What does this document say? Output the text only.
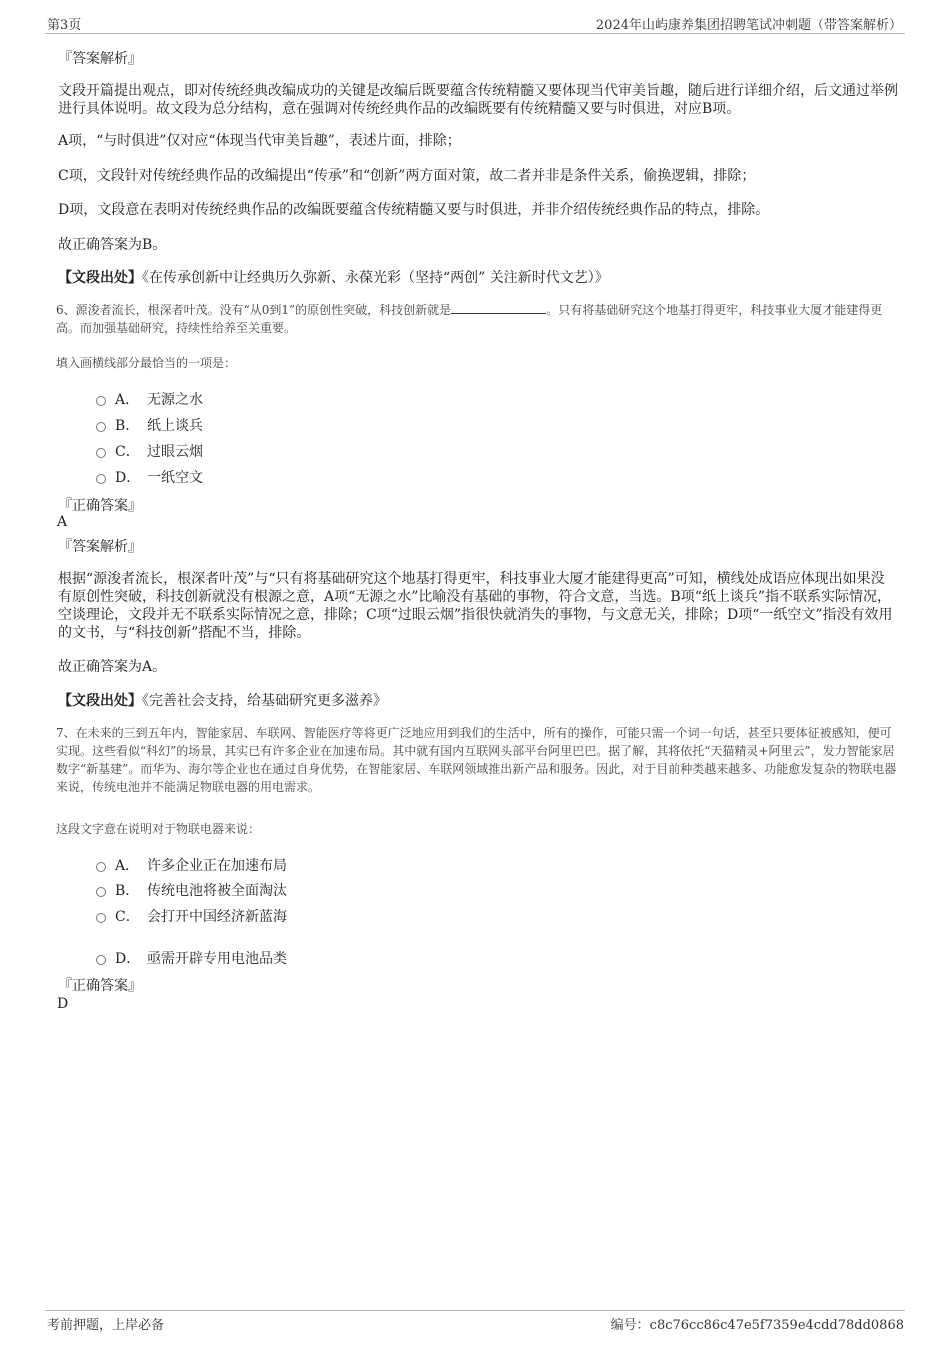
第3页	2024年山屿康养集团招聘笔试冲刺题（带答案解析）
『答案解析』
文段开篇提出观点，即对传统经典改编成功的关键是改编后既要蕴含传统精髓又要体现当代审美旨趣，随后进行详细介绍，后文通过举例进行具体说明。故文段为总分结构，意在强调对传统经典作品的改编既要有传统精髓又要与时俱进，对应B项。
A项，“与时俱进”仅对应“体现当代审美旨趣”，表述片面，排除；
C项，文段针对传统经典作品的改编提出“传承”和“创新”两方面对策，故二者并非是条件关系，偷换逻辑，排除；
D项，文段意在表明对传统经典作品的改编既要蕴含传统精髓又要与时俱进，并非介绍传统经典作品的特点，排除。
故正确答案为B。
【文段出处】《在传承创新中让经典历久弥新、永葆光彩（坚持“两创” 关注新时代文艺）》
6、源浚者流长，根深者叶茂。没有“从0到1”的原创性突破，科技创新就是	。只有将基础研究这个地基打得更牢，科技事业大厦才能建得更高。而加强基础研究，持续性给养至关重要。
填入画横线部分最恰当的一项是：
A． 无源之水
B． 纸上谈兵
C． 过眼云烟
D． 一纸空文
『正确答案』
A
『答案解析』
根据“源浚者流长，根深者叶茂”与“只有将基础研究这个地基打得更牢，科技事业大厦才能建得更高”可知，横线处成语应体现出如果没有原创性突破，科技创新就没有根源之意，A项“无源之水”比喻没有基础的事物，符合文意，当选。B项“纸上谈兵”指不联系实际情况，空谈理论，文段并无不联系实际情况之意，排除；C项“过眼云烟”指很快就消失的事物，与文意无关，排除；D项“一纸空文”指没有效用的文书，与“科技创新”搭配不当，排除。
故正确答案为A。
【文段出处】《完善社会支持，给基础研究更多滋养》
7、在未来的三到五年内，智能家居、车联网、智能医疗等将更广泛地应用到我们的生活中，所有的操作，可能只需一个词一句话，甚至只要体征被感知，便可实现。这些看似“科幻”的场景，其实已有许多企业在加速布局。其中就有国内互联网头部平台阿里巴巴。据了解，其将依托“天猫精灵+阿里云”，发力智能家居数字“新基建”。而华为、海尔等企业也在通过自身优势，在智能家居、车联网领域推出新产品和服务。因此，对于目前种类越来越多、功能愈发复杂的物联电器来说，传统电池并不能满足物联电器的用电需求。
这段文字意在说明对于物联电器来说：
A． 许多企业正在加速布局
B． 传统电池将被全面淘汰
C． 会打开中国经济新蓝海
D． 亟需开辟专用电池品类
『正确答案』
D
考前押题，上岸必备	编号：c8c76cc86c47e5f7359e4cdd78dd0868
